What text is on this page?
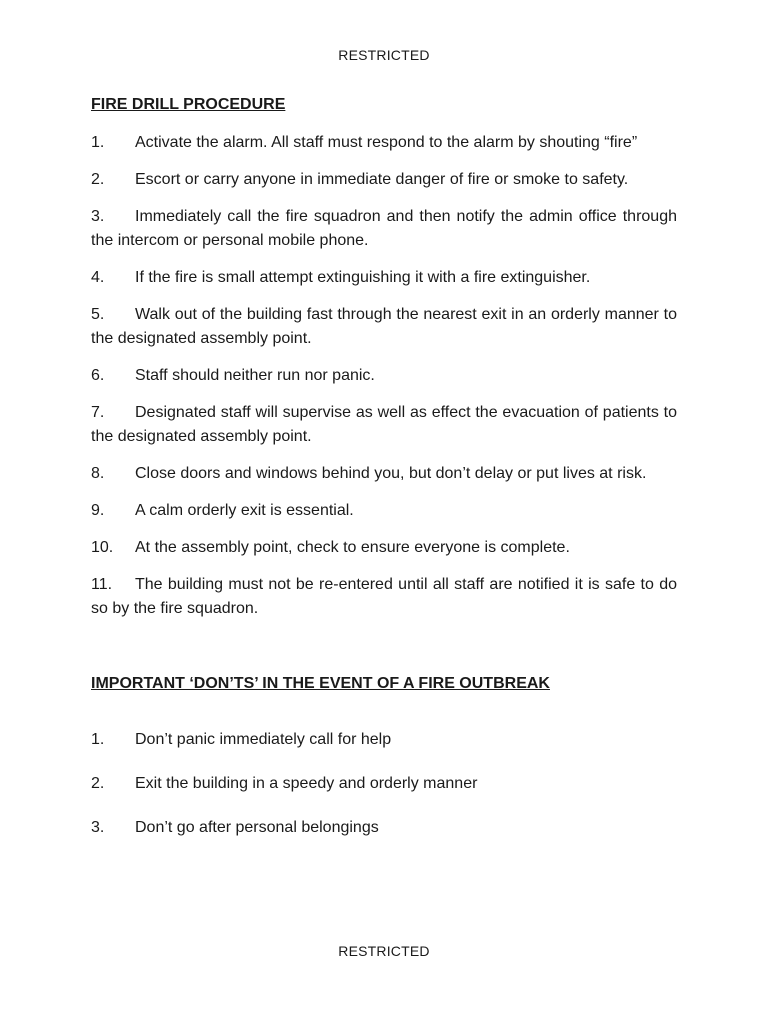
RESTRICTED

FIRE DRILL PROCEDURE

1. Activate the alarm. All staff must respond to the alarm by shouting “fire”
2. Escort or carry anyone in immediate danger of fire or smoke to safety.
3. Immediately call the fire squadron and then notify the admin office through the intercom or personal mobile phone.
4. If the fire is small attempt extinguishing it with a fire extinguisher.
5. Walk out of the building fast through the nearest exit in an orderly manner to the designated assembly point.
6. Staff should neither run nor panic.
7. Designated staff will supervise as well as effect the evacuation of patients to the designated assembly point.
8. Close doors and windows behind you, but don’t delay or put lives at risk.
9. A calm orderly exit is essential.
10. At the assembly point, check to ensure everyone is complete.
11. The building must not be re-entered until all staff are notified it is safe to do so by the fire squadron.

IMPORTANT ‘DON’TS’ IN THE EVENT OF A FIRE OUTBREAK

1. Don’t panic immediately call for help
2. Exit the building in a speedy and orderly manner
3. Don’t go after personal belongings
RESTRICTED
